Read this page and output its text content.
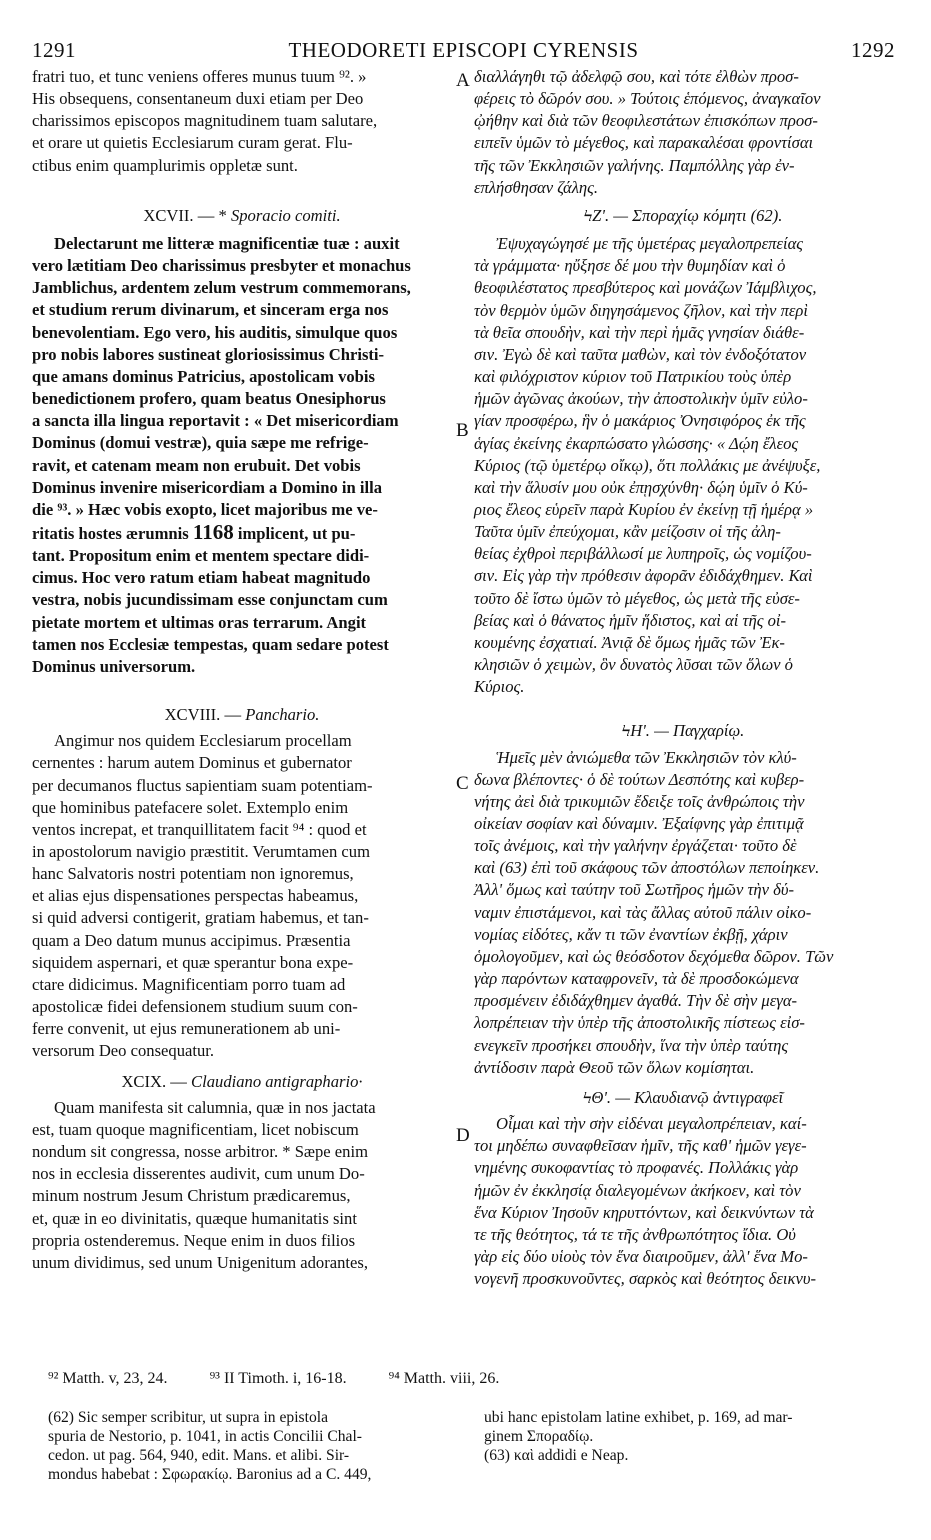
1291	THEODORETI EPISCOPI CYRENSIS	1292
A
B
C
D

fratri tuo, et tunc veniens offeres munus tuum ⁹². »

His obsequens, consentaneum duxi etiam per Deo

charissimos episcopos magnitudinem tuam salutare,

et orare ut quietis Ecclesiarum curam gerat. Flu-

ctibus enim quamplurimis oppletæ sunt.

XCVII. — * Sporacio comiti.

Delectarunt me litteræ magnificentiæ tuæ : auxit

vero lætitiam Deo charissimus presbyter et monachus

Jamblichus, ardentem zelum vestrum commemorans,

et studium rerum divinarum, et sinceram erga nos

benevolentiam. Ego vero, his auditis, simulque quos

pro nobis labores sustineat gloriosissimus Christi-

que amans dominus Patricius, apostolicam vobis

benedictionem profero, quam beatus Onesiphorus

a sancta illa lingua reportavit : « Det misericordiam

Dominus (domui vestræ), quia sæpe me refrige-

ravit, et catenam meam non erubuit. Det vobis

Dominus invenire misericordiam a Domino in illa

die ⁹³. » Hæc vobis exopto, licet majoribus me ve-

ritatis hostes ærumnis 1168 implicent, ut pu-

tant. Propositum enim et mentem spectare didi-

cimus. Hoc vero ratum etiam habeat magnitudo

vestra, nobis jucundissimam esse conjunctam cum

pietate mortem et ultimas oras terrarum. Angit

tamen nos Ecclesiæ tempestas, quam sedare potest

Dominus universorum.

XCVIII. — Panchario.

Angimur nos quidem Ecclesiarum procellam

cernentes : harum autem Dominus et gubernator

per decumanos fluctus sapientiam suam potentiam-

que hominibus patefacere solet. Extemplo enim

ventos increpat, et tranquillitatem facit ⁹⁴ : quod et

in apostolorum navigio præstitit. Verumtamen cum

hanc Salvatoris nostri potentiam non ignoremus,

et alias ejus dispensationes perspectas habeamus,

si quid adversi contigerit, gratiam habemus, et tan-

quam a Deo datum munus accipimus. Præsentia

siquidem aspernari, et quæ sperantur bona expe-

ctare didicimus. Magnificentiam porro tuam ad

apostolicæ fidei defensionem studium suum con-

ferre convenit, ut ejus remunerationem ab uni-

versorum Deo consequatur.

XCIX. — Claudiano antigraphario·

Quam manifesta sit calumnia, quæ in nos jactata

est, tuam quoque magnificentiam, licet nobiscum

nondum sit congressa, nosse arbitror. * Sæpe enim

nos in ecclesia disserentes audivit, cum unum Do-

minum nostrum Jesum Christum prædicaremus,

et, quæ in eo divinitatis, quæque humanitatis sint

propria ostenderemus. Neque enim in duos filios

unum dividimus, sed unum Unigenitum adorantes,

διαλλάγηθι τῷ ἀδελφῷ σου, καὶ τότε ἐλθὼν προσ-

φέρεις τὸ δῶρόν σου. » Τούτοις ἑπόμενος, ἀναγκαῖον

ᾠήθην καὶ διὰ τῶν θεοφιλεστάτων ἐπισκόπων προσ-

ειπεῖν ὑμῶν τὸ μέγεθος, καὶ παρακαλέσαι φροντίσαι

τῆς τῶν Ἐκκλησιῶν γαλήνης. Παμπόλλης γὰρ ἐν-

επλήσθησαν ζάλης.

ϞΖʹ. — Σποραχίῳ κόμητι (62).

Ἐψυχαγώγησέ με τῆς ὑμετέρας μεγαλοπρεπείας

τὰ γράμματα· ηὔξησε δέ μου τὴν θυμηδίαν καὶ ὁ

θεοφιλέστατος πρεσβύτερος καὶ μονάζων Ἰάμβλιχος,

τὸν θερμὸν ὑμῶν διηγησάμενος ζῆλον, καὶ τὴν περὶ

τὰ θεῖα σπουδὴν, καὶ τὴν περὶ ἡμᾶς γνησίαν διάθε-

σιν. Ἐγὼ δὲ καὶ ταῦτα μαθὼν, καὶ τὸν ἐνδοξότατον

καὶ φιλόχριστον κύριον τοῦ Πατρικίου τοὺς ὑπὲρ

ἡμῶν ἀγῶνας ἀκούων, τὴν ἀποστολικὴν ὑμῖν εὐλο-

γίαν προσφέρω, ἣν ὁ μακάριος Ὀνησιφόρος ἐκ τῆς

ἁγίας ἐκείνης ἐκαρπώσατο γλώσσης· « Δῴη ἔλεος

Κύριος (τῷ ὑμετέρῳ οἴκῳ), ὅτι πολλάκις με ἀνέψυξε,

καὶ τὴν ἅλυσίν μου οὐκ ἐπῃσχύνθη· δῴη ὑμῖν ὁ Κύ-

ριος ἔλεος εὑρεῖν παρὰ Κυρίου ἐν ἐκείνῃ τῇ ἡμέρᾳ »

Ταῦτα ὑμῖν ἐπεύχομαι, κἂν μείζοσιν οἱ τῆς ἀλη-

θείας ἐχθροὶ περιβάλλωσί με λυπηροῖς, ὡς νομίζου-

σιν. Εἰς γὰρ τὴν πρόθεσιν ἀφορᾶν ἐδιδάχθημεν. Καὶ

τοῦτο δὲ ἴστω ὑμῶν τὸ μέγεθος, ὡς μετὰ τῆς εὐσε-

βείας καὶ ὁ θάνατος ἡμῖν ἥδιστος, καὶ αἱ τῆς οἰ-

κουμένης ἐσχατιαί. Ἀνιᾷ δὲ ὅμως ἡμᾶς τῶν Ἐκ-

κλησιῶν ὁ χειμὼν, ὃν δυνατὸς λῦσαι τῶν ὅλων ὁ

Κύριος.

ϞΗʹ. — Παγχαρίῳ.

Ἡμεῖς μὲν ἀνιώμεθα τῶν Ἐκκλησιῶν τὸν κλύ-

δωνα βλέποντες· ὁ δὲ τούτων Δεσπότης καὶ κυβερ-

νήτης ἀεὶ διὰ τρικυμιῶν ἔδειξε τοῖς ἀνθρώποις τὴν

οἰκείαν σοφίαν καὶ δύναμιν. Ἐξαίφνης γὰρ ἐπιτιμᾷ

τοῖς ἀνέμοις, καὶ τὴν γαλήνην ἐργάζεται· τοῦτο δὲ

καὶ (63) ἐπὶ τοῦ σκάφους τῶν ἀποστόλων πεποίηκεν.

Ἀλλ' ὅμως καὶ ταύτην τοῦ Σωτῆρος ἡμῶν τὴν δύ-

ναμιν ἐπιστάμενοι, καὶ τὰς ἄλλας αὐτοῦ πάλιν οἰκο-

νομίας εἰδότες, κἄν τι τῶν ἐναντίων ἐκβῇ, χάριν

ὁμολογοῦμεν, καὶ ὡς θεόσδοτον δεχόμεθα δῶρον. Τῶν

γὰρ παρόντων καταφρονεῖν, τὰ δὲ προσδοκώμενα

προσμένειν ἐδιδάχθημεν ἀγαθά. Τὴν δὲ σὴν μεγα-

λοπρέπειαν τὴν ὑπὲρ τῆς ἀποστολικῆς πίστεως εἰσ-

ενεγκεῖν προσήκει σπουδὴν, ἵνα τὴν ὑπὲρ ταύτης

ἀντίδοσιν παρὰ Θεοῦ τῶν ὅλων κομίσηται.

ϞΘʹ. — Κλαυδιανῷ ἀντιγραφεῖ

Οἶμαι καὶ τὴν σὴν εἰδέναι μεγαλοπρέπειαν, καί-

τοι μηδέπω συναφθεῖσαν ἡμῖν, τῆς καθ' ἡμῶν γεγε-

νημένης συκοφαντίας τὸ προφανές. Πολλάκις γὰρ

ἡμῶν ἐν ἐκκλησίᾳ διαλεγομένων ἀκήκοεν, καὶ τὸν

ἕνα Κύριον Ἰησοῦν κηρυττόντων, καὶ δεικνύντων τὰ

τε τῆς θεότητος, τά τε τῆς ἀνθρωπότητος ἴδια. Οὐ

γὰρ εἰς δύο υἱοὺς τὸν ἕνα διαιροῦμεν, ἀλλ' ἕνα Μο-

νογενῆ προσκυνοῦντες, σαρκὸς καὶ θεότητος δεικνυ-

⁹² Matth. v, 23, 24.	⁹³ II Timoth. i, 16-18.	⁹⁴ Matth. viii, 26.
(62) Sic semper scribitur, ut supra in epistola
spuria de Nestorio, p. 1041, in actis Concilii Chal-
cedon. ut pag. 564, 940, edit. Mans. et alibi. Sir-
mondus habebat : Σφωρακίῳ. Baronius ad a C. 449,
ubi hanc epistolam latine exhibet, p. 169, ad mar-
ginem Σποραδίῳ.
(63) καὶ addidi e Neap.
